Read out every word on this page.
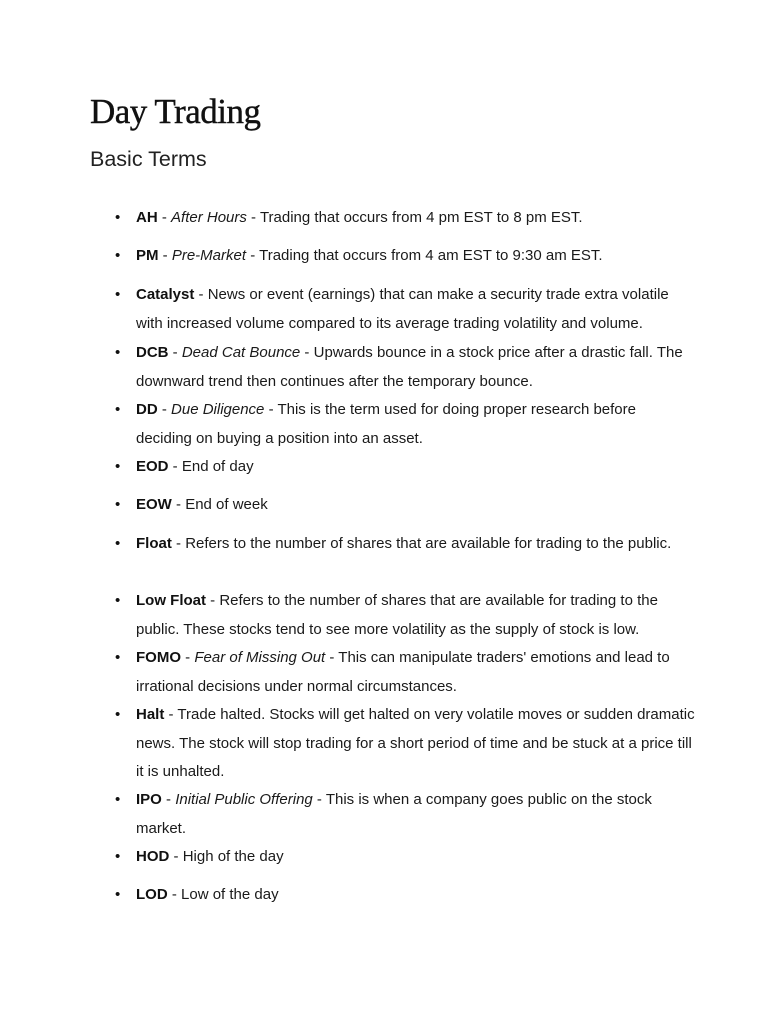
Day Trading
Basic Terms
• AH - After Hours - Trading that occurs from 4 pm EST to 8 pm EST.
• PM - Pre-Market - Trading that occurs from 4 am EST to 9:30 am EST.
• Catalyst - News or event (earnings) that can make a security trade extra volatile with increased volume compared to its average trading volatility and volume.
• DCB - Dead Cat Bounce - Upwards bounce in a stock price after a drastic fall. The downward trend then continues after the temporary bounce.
• DD - Due Diligence - This is the term used for doing proper research before deciding on buying a position into an asset.
• EOD - End of day
• EOW - End of week
• Float - Refers to the number of shares that are available for trading to the public.
• Low Float - Refers to the number of shares that are available for trading to the public. These stocks tend to see more volatility as the supply of stock is low.
• FOMO - Fear of Missing Out - This can manipulate traders' emotions and lead to irrational decisions under normal circumstances.
• Halt - Trade halted. Stocks will get halted on very volatile moves or sudden dramatic news. The stock will stop trading for a short period of time and be stuck at a price till it is unhalted.
• IPO - Initial Public Offering - This is when a company goes public on the stock market.
• HOD - High of the day
• LOD - Low of the day
